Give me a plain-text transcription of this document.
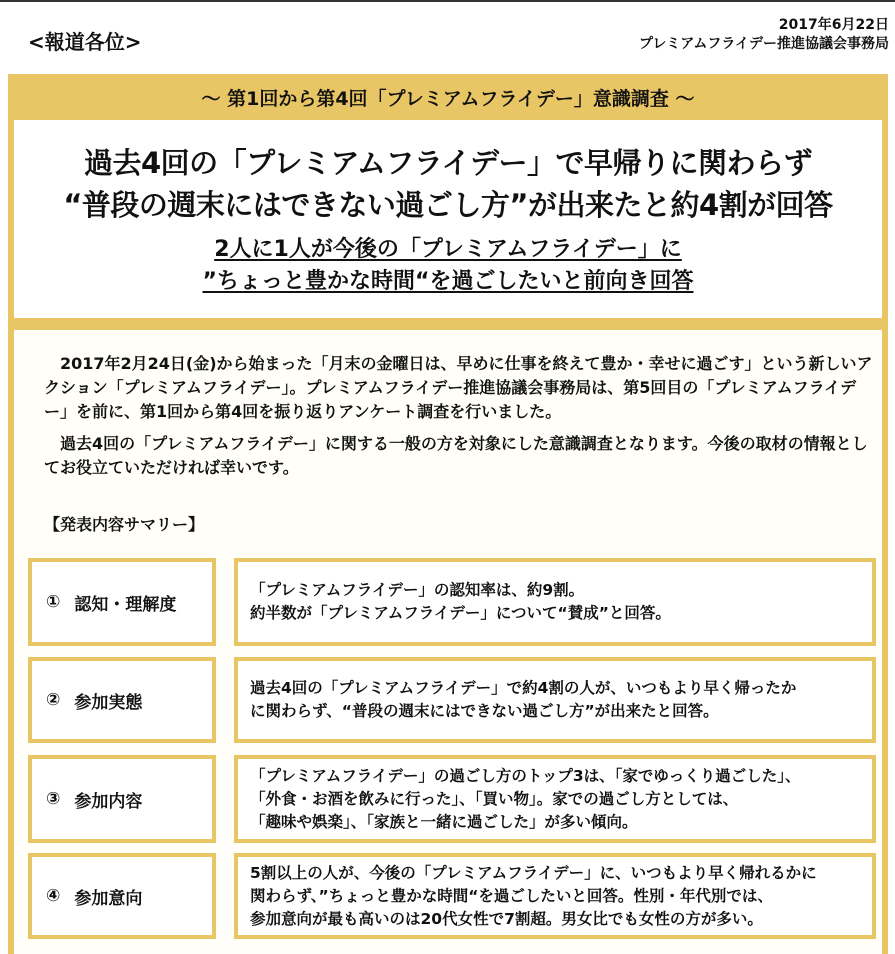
<報道各位>
2017年6月22日
プレミアムフライデー推進協議会事務局
～ 第1回から第4回「プレミアムフライデー」意識調査 ～
過去4回の「プレミアムフライデー」で早帰りに関わらず
“普段の週末にはできない過ごし方”が出来たと約4割が回答
2人に1人が今後の「プレミアムフライデー」に
”ちょっと豊かな時間“を過ごしたいと前向き回答

　2017年2月24日(金)から始まった「月末の金曜日は、早めに仕事を終えて豊か・幸せに過ごす」という新しいアクション「プレミアムフライデー」。プレミアムフライデー推進協議会事務局は、第5回目の「プレミアムフライデー」を前に、第1回から第4回を振り返りアンケート調査を行いました。

　過去4回の「プレミアムフライデー」に関する一般の方を対象にした意識調査となります。今後の取材の情報としてお役立ていただければ幸いです。

【発表内容サマリー】
① 認知・理解度
「プレミアムフライデー」の認知率は、約9割。
約半数が「プレミアムフライデー」について“賛成”と回答。
② 参加実態
過去4回の「プレミアムフライデー」で約4割の人が、いつもより早く帰ったか
に関わらず、“普段の週末にはできない過ごし方”が出来たと回答。
③ 参加内容
「プレミアムフライデー」の過ごし方のトップ3は、「家でゆっくり過ごした」、
「外食・お酒を飲みに行った」、「買い物」。家での過ごし方としては、
「趣味や娯楽」、「家族と一緒に過ごした」が多い傾向。
④ 参加意向
5割以上の人が、今後の「プレミアムフライデー」に、いつもより早く帰れるかに
関わらず、”ちょっと豊かな時間“を過ごしたいと回答。性別・年代別では、
参加意向が最も高いのは20代女性で7割超。男女比でも女性の方が多い。
